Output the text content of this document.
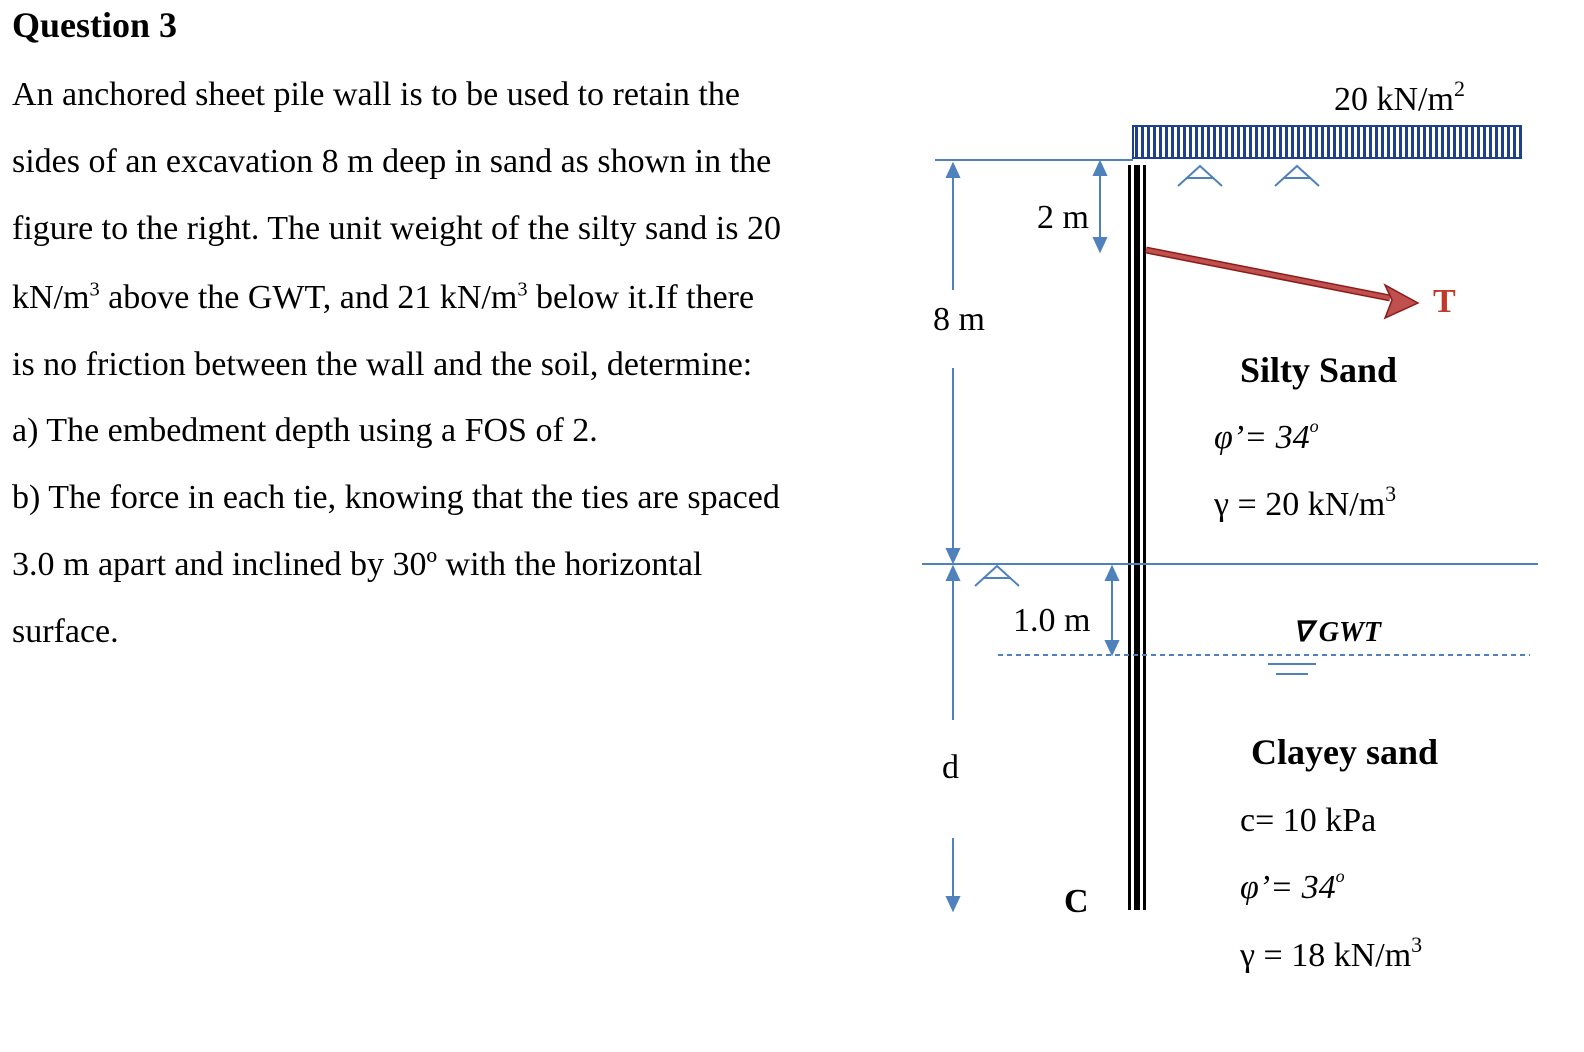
Question 3
An anchored sheet pile wall is to be used to retain the
sides of an excavation 8 m deep in sand as shown in the
figure to the right. The unit weight of the silty sand is 20
$kN/m^3$ above the GWT, and 21 $kN/m^3$ below it.If there
is no friction between the wall and the soil, determine:
a) The embedment depth using a FOS of 2.
b) The force in each tie, knowing that the ties are spaced
3.0 m apart and inclined by 30º with the horizontal
surface.
20 $kN/m^2$
T
∇ GWT
8 m
2 m
1.0 m
d
C
Silty Sand
φ’= $34^o$
γ = 20 $kN/m^3$
Clayey sand
c= 10 kPa
φ’= $34^o$
γ = 18 $kN/m^3$
